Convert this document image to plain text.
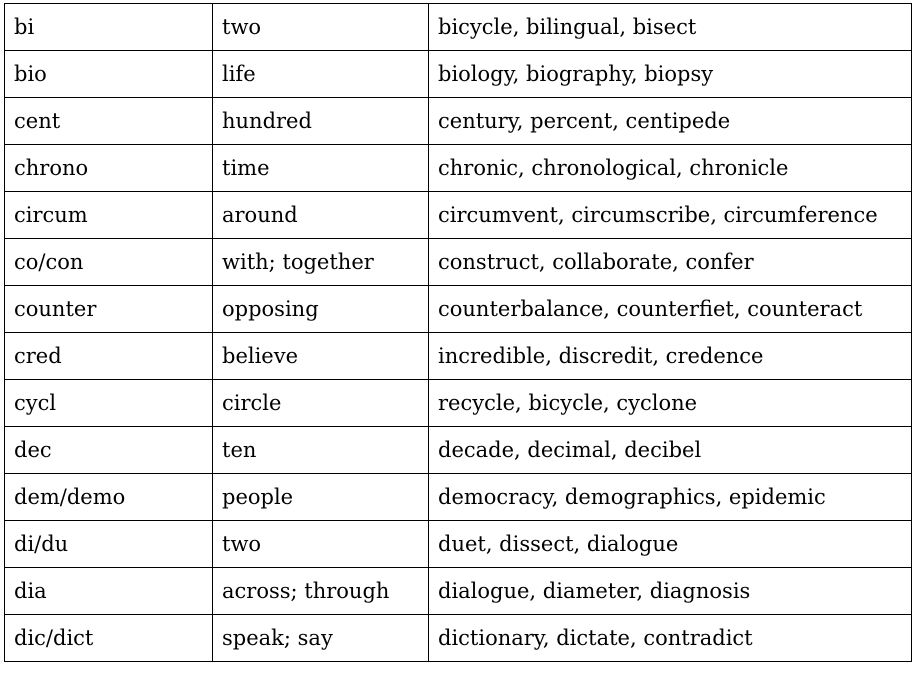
bi	two	bicycle, bilingual, bisect
bio	life	biology, biography, biopsy
cent	hundred	century, percent, centipede
chrono	time	chronic, chronological, chronicle
circum	around	circumvent, circumscribe, circumference
co/con	with; together	construct, collaborate, confer
counter	opposing	counterbalance, counterfiet, counteract
cred	believe	incredible, discredit, credence
cycl	circle	recycle, bicycle, cyclone
dec	ten	decade, decimal, decibel
dem/demo	people	democracy, demographics, epidemic
di/du	two	duet, dissect, dialogue
dia	across; through	dialogue, diameter, diagnosis
dic/dict	speak; say	dictionary, dictate, contradict
